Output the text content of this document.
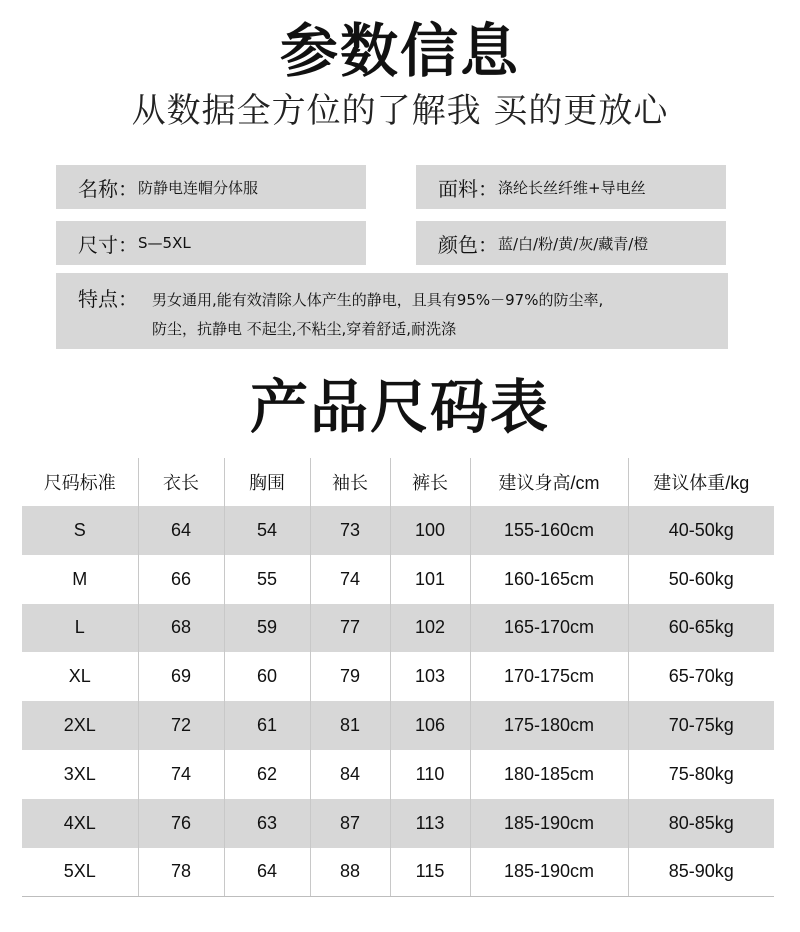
参数信息
从数据全方位的了解我 买的更放心
名称： 防静电连帽分体服	面料： 涤纶长丝纤维+导电丝
尺寸： S—5XL	颜色： 蓝/白/粉/黄/灰/藏青/橙
特点： 男女通用,能有效清除人体产生的静电，且具有95%－97%的防尘率,
防尘，抗静电 不起尘,不粘尘,穿着舒适,耐洗涤
产品尺码表
尺码标准	衣长	胸围	袖长	裤长	建议身高/cm	建议体重/kg
S	64	54	73	100	155-160cm	40-50kg
M	66	55	74	101	160-165cm	50-60kg
L	68	59	77	102	165-170cm	60-65kg
XL	69	60	79	103	170-175cm	65-70kg
2XL	72	61	81	106	175-180cm	70-75kg
3XL	74	62	84	110	180-185cm	75-80kg
4XL	76	63	87	113	185-190cm	80-85kg
5XL	78	64	88	115	185-190cm	85-90kg
